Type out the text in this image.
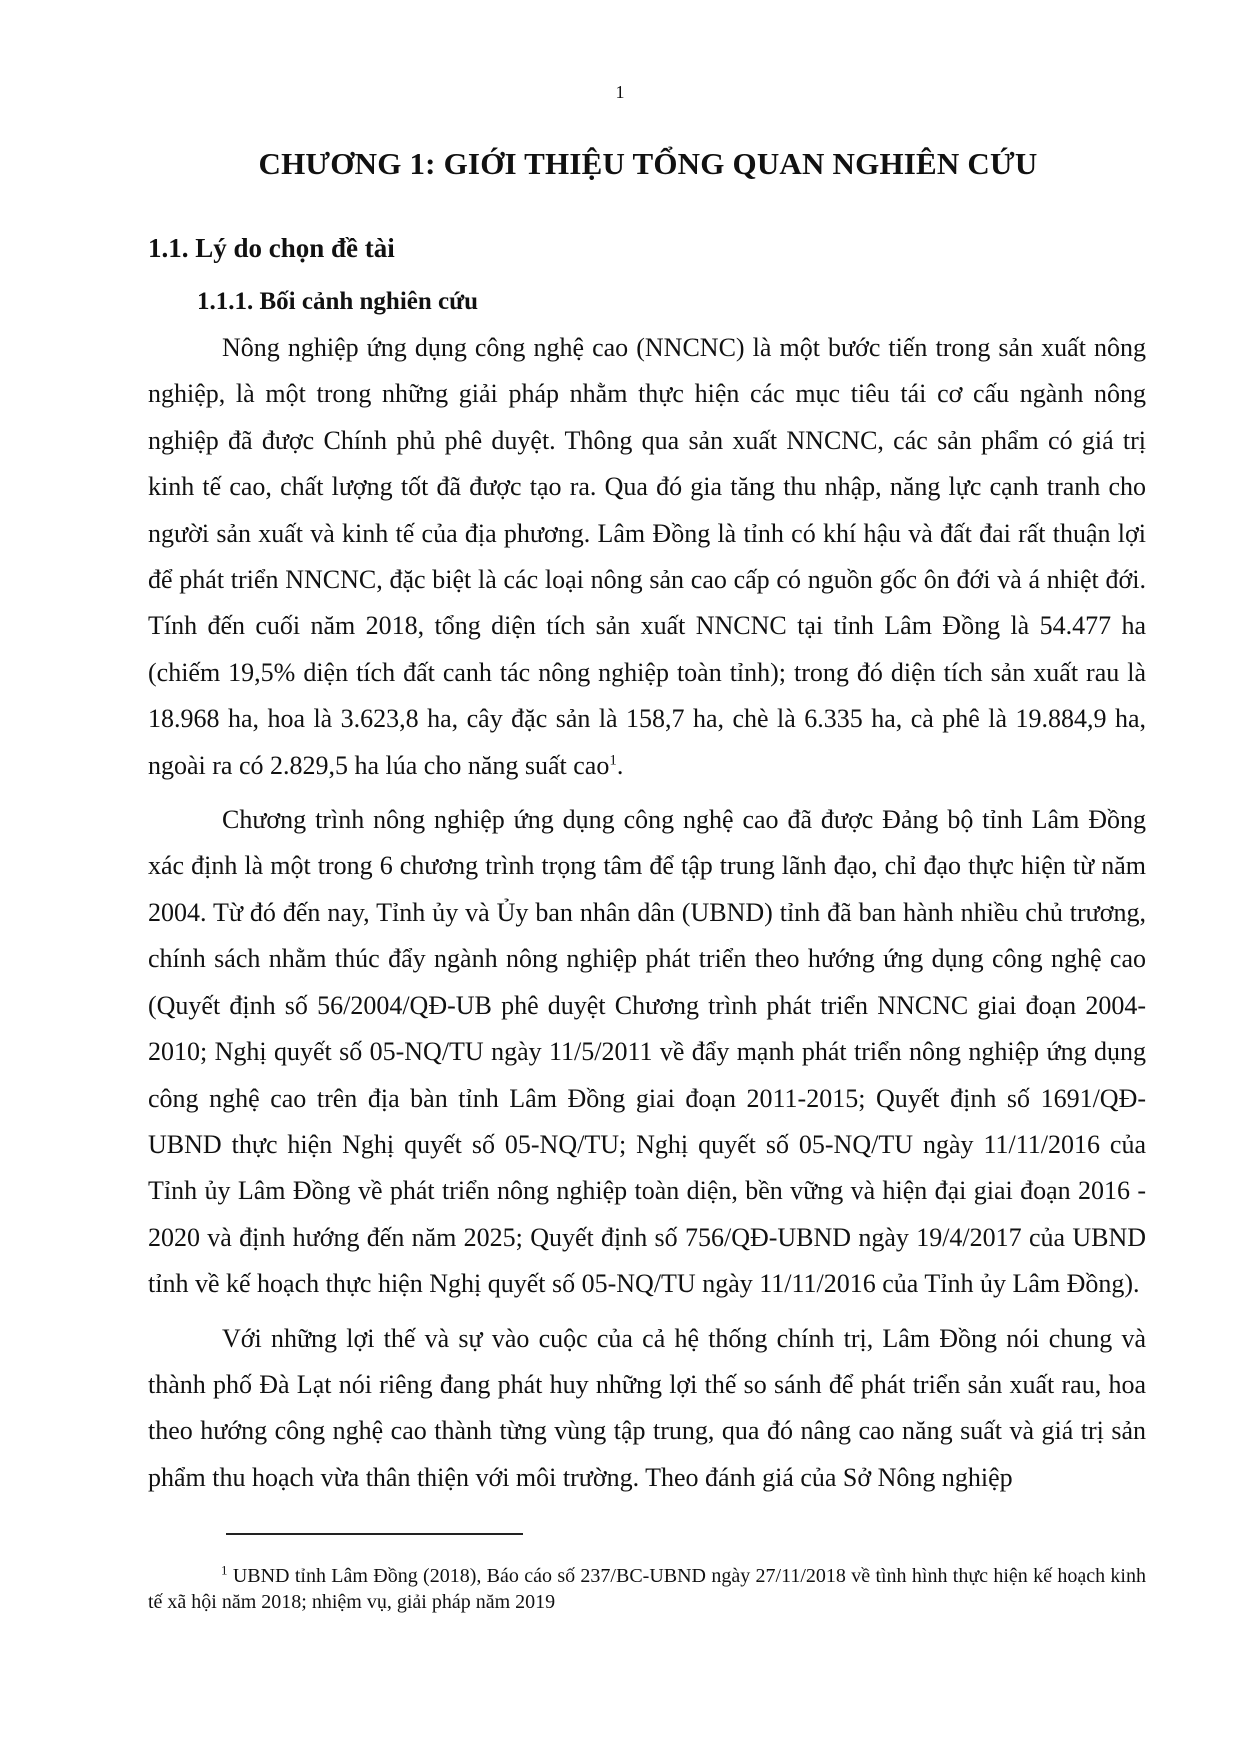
1
CHƯƠNG 1: GIỚI THIỆU TỔNG QUAN NGHIÊN CỨU
1.1. Lý do chọn đề tài
1.1.1. Bối cảnh nghiên cứu

Nông nghiệp ứng dụng công nghệ cao (NNCNC) là một bước tiến trong sản xuất nông nghiệp, là một trong những giải pháp nhằm thực hiện các mục tiêu tái cơ cấu ngành nông nghiệp đã được Chính phủ phê duyệt. Thông qua sản xuất NNCNC, các sản phẩm có giá trị kinh tế cao, chất lượng tốt đã được tạo ra. Qua đó gia tăng thu nhập, năng lực cạnh tranh cho người sản xuất và kinh tế của địa phương. Lâm Đồng là tỉnh có khí hậu và đất đai rất thuận lợi để phát triển NNCNC, đặc biệt là các loại nông sản cao cấp có nguồn gốc ôn đới và á nhiệt đới. Tính đến cuối năm 2018, tổng diện tích sản xuất NNCNC tại tỉnh Lâm Đồng là 54.477 ha (chiếm 19,5% diện tích đất canh tác nông nghiệp toàn tỉnh); trong đó diện tích sản xuất rau là 18.968 ha, hoa là 3.623,8 ha, cây đặc sản là 158,7 ha, chè là 6.335 ha, cà phê là 19.884,9 ha, ngoài ra có 2.829,5 ha lúa cho năng suất cao$^1$.

Chương trình nông nghiệp ứng dụng công nghệ cao đã được Đảng bộ tỉnh Lâm Đồng xác định là một trong 6 chương trình trọng tâm để tập trung lãnh đạo, chỉ đạo thực hiện từ năm 2004. Từ đó đến nay, Tỉnh ủy và Ủy ban nhân dân (UBND) tỉnh đã ban hành nhiều chủ trương, chính sách nhằm thúc đẩy ngành nông nghiệp phát triển theo hướng ứng dụng công nghệ cao (Quyết định số 56/2004/QĐ-UB phê duyệt Chương trình phát triển NNCNC giai đoạn 2004-2010; Nghị quyết số 05-NQ/TU ngày 11/5/2011 về đẩy mạnh phát triển nông nghiệp ứng dụng công nghệ cao trên địa bàn tỉnh Lâm Đồng giai đoạn 2011-2015; Quyết định số 1691/QĐ-UBND thực hiện Nghị quyết số 05-NQ/TU; Nghị quyết số 05-NQ/TU ngày 11/11/2016 của Tỉnh ủy Lâm Đồng về phát triển nông nghiệp toàn diện, bền vững và hiện đại giai đoạn 2016 - 2020 và định hướng đến năm 2025; Quyết định số 756/QĐ-UBND ngày 19/4/2017 của UBND tỉnh về kế hoạch thực hiện Nghị quyết số 05-NQ/TU ngày 11/11/2016 của Tỉnh ủy Lâm Đồng).

Với những lợi thế và sự vào cuộc của cả hệ thống chính trị, Lâm Đồng nói chung và thành phố Đà Lạt nói riêng đang phát huy những lợi thế so sánh để phát triển sản xuất rau, hoa theo hướng công nghệ cao thành từng vùng tập trung, qua đó nâng cao năng suất và giá trị sản phẩm thu hoạch vừa thân thiện với môi trường. Theo đánh giá của Sở Nông nghiệp

$^1$ UBND tỉnh Lâm Đồng (2018), Báo cáo số 237/BC-UBND ngày 27/11/2018 về tình hình thực hiện kế hoạch kinh tế xã hội năm 2018; nhiệm vụ, giải pháp năm 2019
